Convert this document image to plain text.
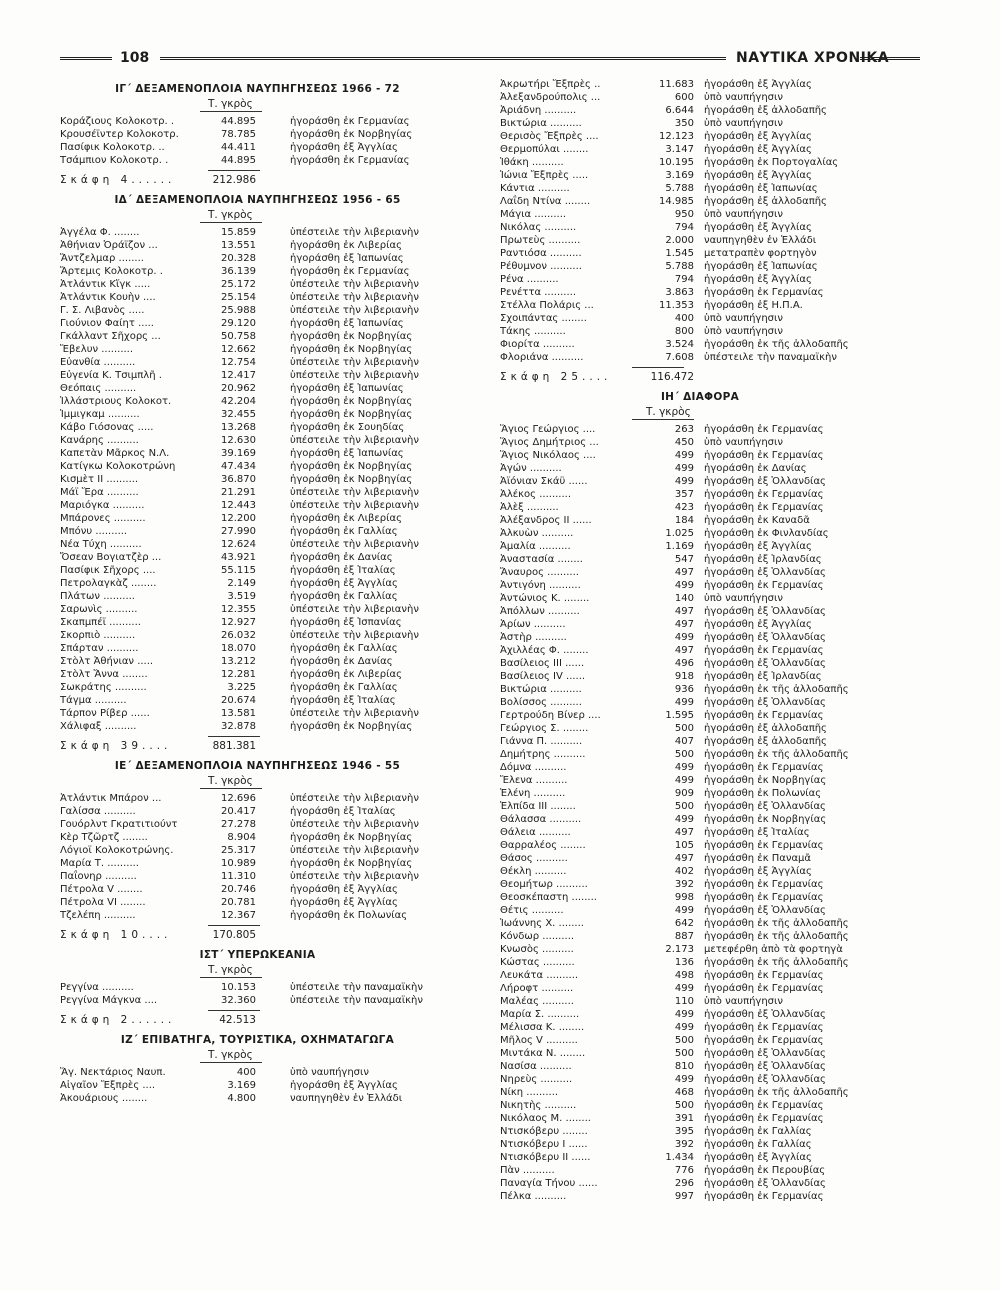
108	ΝΑΥΤΙΚΑ ΧΡΟΝΙΚΑ
ΙΓ΄ ΔΕΞΑΜΕΝΟΠΛΟΙΑ ΝΑΥΠΗΓΗΣΕΩΣ 1966 - 72
Τ. γκρὸς
Κοράζιους Κολοκοτρ. .	44.895	ἠγοράσθη ἐκ Γερμανίας
Κρουσέϊντερ Κολοκοτρ.	78.785	ἠγοράσθη ἐκ Νορβηγίας
Πασίφικ Κολοκοτρ. ..	44.411	ἠγοράσθη ἐξ Ἀγγλίας
Τσάμπιον Κολοκοτρ. .	44.895	ἠγοράσθη ἐκ Γερμανίας
Σκάφη 4......	212.986
ΙΔ΄ ΔΕΞΑΜΕΝΟΠΛΟΙΑ ΝΑΥΠΗΓΗΣΕΩΣ 1956 - 65
Τ. γκρὸς
Ἀγγέλα Φ. ........	15.859	ὑπέστειλε τὴν λιβεριανὴν
Ἀθήνιαν Ὀράϊζον ...	13.551	ἠγοράσθη ἐκ Λιβερίας
Ἄντζελμαρ ........	20.328	ἠγοράσθη ἐξ Ἰαπωνίας
Ἄρτεμις Κολοκοτρ. .	36.139	ἠγοράσθη ἐκ Γερμανίας
Ἀτλάντικ Κἴγκ .....	25.172	ὑπέστειλε τὴν λιβεριανὴν
Ἀτλάντικ Κουὴν ....	25.154	ὑπέστειλε τὴν λιβεριανὴν
Γ. Σ. Λιβανὸς .....	25.988	ὑπέστειλε τὴν λιβεριανὴν
Γιούνιον Φαίητ .....	29.120	ἠγοράσθη ἐξ Ἰαπωνίας
Γκάλλαντ Σῆχορς ...	50.758	ἠγοράσθη ἐκ Νορβηγίας
Ἔβελυν ..........	12.662	ἠγοράσθη ἐκ Νορβηγίας
Εὐανθία ..........	12.754	ὑπέστειλε τὴν λιβεριανὴν
Εὐγενία Κ. Τσιμπλῆ .	12.417	ὑπέστειλε τὴν λιβεριανὴν
Θεόπαις ..........	20.962	ἠγοράσθη ἐξ Ἰαπωνίας
Ἰλλάστριους Κολοκοτ.	42.204	ἠγοράσθη ἐκ Νορβηγίας
Ἰμμιγκαμ ..........	32.455	ἠγοράσθη ἐκ Νορβηγίας
Κάβο Γιόσονας .....	13.268	ἠγοράσθη ἐκ Σουηδίας
Κανάρης ..........	12.630	ὑπέστειλε τὴν λιβεριανὴν
Καπετὰν Μᾶρκος Ν.Λ.	39.169	ἠγοράσθη ἐξ Ἰαπωνίας
Κατίγκω Κολοκοτρώνη	47.434	ἠγοράσθη ἐκ Νορβηγίας
Κισμὲτ ΙΙ ..........	36.870	ἠγοράσθη ἐκ Νορβηγίας
Μάϊ Ἔρα ..........	21.291	ὑπέστειλε τὴν λιβεριανὴν
Μαριόγκα ..........	12.443	ὑπέστειλε τὴν λιβεριανὴν
Μπάρονες ..........	12.200	ἠγοράσθη ἐκ Λιβερίας
Μπόνυ ..........	27.990	ἠγοράσθη ἐκ Γαλλίας
Νέα Τύχη ..........	12.624	ὑπέστειλε τὴν λιβεριανὴν
Ὄσεαν Βογιατζὲρ ...	43.921	ἠγοράσθη ἐκ Δανίας
Πασίφικ Σῆχορς ....	55.115	ἠγοράσθη ἐξ Ἰταλίας
Πετρολαγκὰζ ........	2.149	ἠγοράσθη ἐξ Ἀγγλίας
Πλάτων ..........	3.519	ἠγοράσθη ἐκ Γαλλίας
Σαρωνὶς ..........	12.355	ὑπέστειλε τὴν λιβεριανὴν
Σκαπμπέϊ ..........	12.927	ἠγοράσθη ἐξ Ἰσπανίας
Σκορπιὸ ..........	26.032	ὑπέστειλε τὴν λιβεριανὴν
Σπάρταν ..........	18.070	ἠγοράσθη ἐκ Γαλλίας
Στὸλτ Ἀθήνιαν .....	13.212	ἠγοράσθη ἐκ Δανίας
Στὸλτ Ἄννα ........	12.281	ἠγοράσθη ἐκ Λιβερίας
Σωκράτης ..........	3.225	ἠγοράσθη ἐκ Γαλλίας
Τάγμα ..........	20.674	ἠγοράσθη ἐξ Ἰταλίας
Τάρπον Ρίβερ ......	13.581	ὑπέστειλε τὴν λιβεριανὴν
Χάλιφαξ ..........	32.878	ἠγοράσθη ἐκ Νορβηγίας
Σκάφη 39....	881.381
ΙΕ΄ ΔΕΞΑΜΕΝΟΠΛΟΙΑ ΝΑΥΠΗΓΗΣΕΩΣ 1946 - 55
Τ. γκρὸς
Ἀτλάντικ Μπάρον ...	12.696	ὑπέστειλε τὴν λιβεριανὴν
Γαλίσσα ..........	20.417	ἠγοράσθη ἐξ Ἰταλίας
Γουόρλντ Γκρατιτιούντ	27.278	ὑπέστειλε τὴν λιβεριανὴν
Κὲρ Τζῶρτζ ........	8.904	ἠγοράσθη ἐκ Νορβηγίας
Λόγιοϊ Κολοκοτρώνης.	25.317	ὑπέστειλε τὴν λιβεριανὴν
Μαρία Τ. ..........	10.989	ἠγοράσθη ἐκ Νορβηγίας
Παΐονηρ ..........	11.310	ὑπέστειλε τὴν λιβεριανὴν
Πέτρολα V ........	20.746	ἠγοράσθη ἐξ Ἀγγλίας
Πέτρολα VI ........	20.781	ἠγοράσθη ἐξ Ἀγγλίας
Τζελέπη ..........	12.367	ἠγοράσθη ἐκ Πολωνίας
Σκάφη 10....	170.805
ΙΣΤ΄ ΥΠΕΡΩΚΕΑΝΙΑ
Τ. γκρὸς
Ρεγγίνα ..........	10.153	ὑπέστειλε τὴν παναμαϊκὴν
Ρεγγίνα Μάγκνα ....	32.360	ὑπέστειλε τὴν παναμαϊκὴν
Σκάφη 2......	42.513
ΙΖ΄ ΕΠΙΒΑΤΗΓΑ, ΤΟΥΡΙΣΤΙΚΑ, ΟΧΗΜΑΤΑΓΩΓΑ
Τ. γκρὸς
Ἅγ. Νεκτάριος Ναυπ.	400	ὑπὸ ναυπήγησιν
Αἰγαῖον Ἔξπρὲς ....	3.169	ἠγοράσθη ἐξ Ἀγγλίας
Ἀκουάριους ........	4.800	ναυπηγηθὲν ἐν Ἑλλάδι
Ἀκρωτήρι Ἔξπρὲς ..	11.683 ἠγοράσθη ἐξ Ἀγγλίας
Ἀλεξανδρούπολις ...	600 ὑπὸ ναυπήγησιν
Ἀριάδνη ..........	6.644 ἠγοράσθη ἐξ ἀλλοδαπῆς
Βικτώρια ..........	350 ὑπὸ ναυπήγησιν
Θερισὸς Ἔξπρὲς ....	12.123 ἠγοράσθη ἐξ Ἀγγλίας
Θερμοπύλαι ........	3.147 ἠγοράσθη ἐξ Ἀγγλίας
Ἰθάκη ..........	10.195 ἠγοράσθη ἐκ Πορτογαλίας
Ἰώνια Ἔξπρὲς .....	3.169 ἠγοράσθη ἐξ Ἀγγλίας
Κάντια ..........	5.788 ἠγοράσθη ἐξ Ἰαπωνίας
Λαΐδη Ντίνα ........	14.985 ἠγοράσθη ἐξ ἀλλοδαπῆς
Μάγια ..........	950 ὑπὸ ναυπήγησιν
Νικόλας ..........	794 ἠγοράσθη ἐξ Ἀγγλίας
Πρωτεὺς ..........	2.000 ναυπηγηθὲν ἐν Ἑλλάδι
Ραντιόσα ..........	1.545 μετατραπὲν φορτηγὸν
Ρέθυμνον ..........	5.788 ἠγοράσθη ἐξ Ἰαπωνίας
Ρένα ..........	794 ἠγοράσθη ἐξ Ἀγγλίας
Ρενέττα ..........	3.863 ἠγοράσθη ἐκ Γερμανίας
Στέλλα Πολάρις ...	11.353 ἠγοράσθη ἐξ Η.Π.Α.
Σχοιπάντας ........	400 ὑπὸ ναυπήγησιν
Τάκης ..........	800 ὑπὸ ναυπήγησιν
Φιορίτα ..........	3.524 ἠγοράσθη ἐκ τῆς ἀλλοδαπῆς
Φλοριάνα ..........	7.608 ὑπέστειλε τὴν παναμαϊκὴν
Σκάφη 25....	116.472
ΙΗ΄ ΔΙΑΦΟΡΑ
Τ. γκρὸς
Ἅγιος Γεώργιος ....	263 ἠγοράσθη ἐκ Γερμανίας
Ἅγιος Δημήτριος ...	450 ὑπὸ ναυπήγησιν
Ἅγιος Νικόλαος ....	499 ἠγοράσθη ἐκ Γερμανίας
Ἀγών ..........	499 ἠγοράσθη ἐκ Δανίας
Ἀϊόνιαν Σκάϋ ......	499 ἠγοράσθη ἐξ Ὁλλανδίας
Ἀλέκος ..........	357 ἠγοράσθη ἐκ Γερμανίας
Ἀλὲξ ..........	423 ἠγοράσθη ἐκ Γερμανίας
Ἀλέξανδρος ΙΙ ......	184 ἠγοράσθη ἐκ Καναδᾶ
Ἀλκυὼν ..........	1.025 ἠγοράσθη ἐκ Φινλανδίας
Ἀμαλία ..........	1.169 ἠγοράσθη ἐξ Ἀγγλίας
Ἀναστασία ........	547 ἠγοράσθη ἐξ Ἰρλανδίας
Ἄναυρος ..........	497 ἠγοράσθη ἐξ Ὁλλανδίας
Ἀντιγόνη ..........	499 ἠγοράσθη ἐκ Γερμανίας
Ἀντώνιος Κ. ........	140 ὑπὸ ναυπήγησιν
Ἀπόλλων ..........	497 ἠγοράσθη ἐξ Ὁλλανδίας
Ἀρίων ..........	497 ἠγοράσθη ἐξ Ἀγγλίας
Ἀστὴρ ..........	499 ἠγοράσθη ἐξ Ὁλλανδίας
Ἀχιλλέας Φ. ........	497 ἠγοράσθη ἐκ Γερμανίας
Βασίλειος ΙΙΙ ......	496 ἠγοράσθη ἐξ Ὁλλανδίας
Βασίλειος IV ......	918 ἠγοράσθη ἐξ Ἰρλανδίας
Βικτώρια ..........	936 ἠγοράσθη ἐκ τῆς ἀλλοδαπῆς
Βολίσσος ..........	499 ἠγοράσθη ἐξ Ὁλλανδίας
Γερτρούδη Βίνερ ....	1.595 ἠγοράσθη ἐκ Γερμανίας
Γεώργιος Σ. ........	500 ἠγοράσθη ἐξ ἀλλοδαπῆς
Γιάννα Π. ..........	407 ἠγοράσθη ἐξ ἀλλοδαπῆς
Δημήτρης ..........	500 ἠγοράσθη ἐκ τῆς ἀλλοδαπῆς
Δόμνα ..........	499 ἠγοράσθη ἐκ Γερμανίας
Ἔλενα ..........	499 ἠγοράσθη ἐκ Νορβηγίας
Ἑλένη ..........	909 ἠγοράσθη ἐκ Πολωνίας
Ἐλπίδα ΙΙΙ ........	500 ἠγοράσθη ἐξ Ὁλλανδίας
Θάλασσα ..........	499 ἠγοράσθη ἐκ Νορβηγίας
Θάλεια ..........	497 ἠγοράσθη ἐξ Ἰταλίας
Θαρραλέος ........	105 ἠγοράσθη ἐκ Γερμανίας
Θάσος ..........	497 ἠγοράσθη ἐκ Παναμᾶ
Θέκλη ..........	402 ἠγοράσθη ἐξ Ἀγγλίας
Θεομήτωρ ..........	392 ἠγοράσθη ἐκ Γερμανίας
Θεοσκέπαστη ........	998 ἠγοράσθη ἐκ Γερμανίας
Θέτις ..........	499 ἠγοράσθη ἐξ Ὁλλανδίας
Ἰωάννης Χ. ........	642 ἠγοράσθη ἐκ τῆς ἀλλοδαπῆς
Κόνδωρ ..........	887 ἠγοράσθη ἐκ τῆς ἀλλοδαπῆς
Κνωσὸς ..........	2.173 μετεφέρθη ἀπὸ τὰ φορτηγὰ
Κώστας ..........	136 ἠγοράσθη ἐκ τῆς ἀλλοδαπῆς
Λευκάτα ..........	498 ἠγοράσθη ἐκ Γερμανίας
Λήροφτ ..........	499 ἠγοράσθη ἐκ Γερμανίας
Μαλέας ..........	110 ὑπὸ ναυπήγησιν
Μαρία Σ. ..........	499 ἠγοράσθη ἐξ Ὁλλανδίας
Μέλισσα Κ. ........	499 ἠγοράσθη ἐκ Γερμανίας
Μῆλος V ..........	500 ἠγοράσθη ἐκ Γερμανίας
Μιντάκα Ν. ........	500 ἠγοράσθη ἐξ Ὁλλανδίας
Νασίσα ..........	810 ἠγοράσθη ἐξ Ὁλλανδίας
Νηρεὺς ..........	499 ἠγοράσθη ἐξ Ὁλλανδίας
Νίκη ..........	468 ἠγοράσθη ἐκ τῆς ἀλλοδαπῆς
Νικητὴς ..........	500 ἠγοράσθη ἐκ Γερμανίας
Νικόλαος Μ. ........	391 ἠγοράσθη ἐκ Γερμανίας
Ντισκόβερυ ........	395 ἠγοράσθη ἐκ Γαλλίας
Ντισκόβερυ Ι ......	392 ἠγοράσθη ἐκ Γαλλίας
Ντισκόβερυ ΙΙ ......	1.434 ἠγοράσθη ἐξ Ἀγγλίας
Πὰν ..........	776 ἠγοράσθη ἐκ Περουβίας
Παναγία Τήνου ......	296 ἠγοράσθη ἐξ Ὁλλανδίας
Πέλκα ..........	997 ἠγοράσθη ἐκ Γερμανίας
